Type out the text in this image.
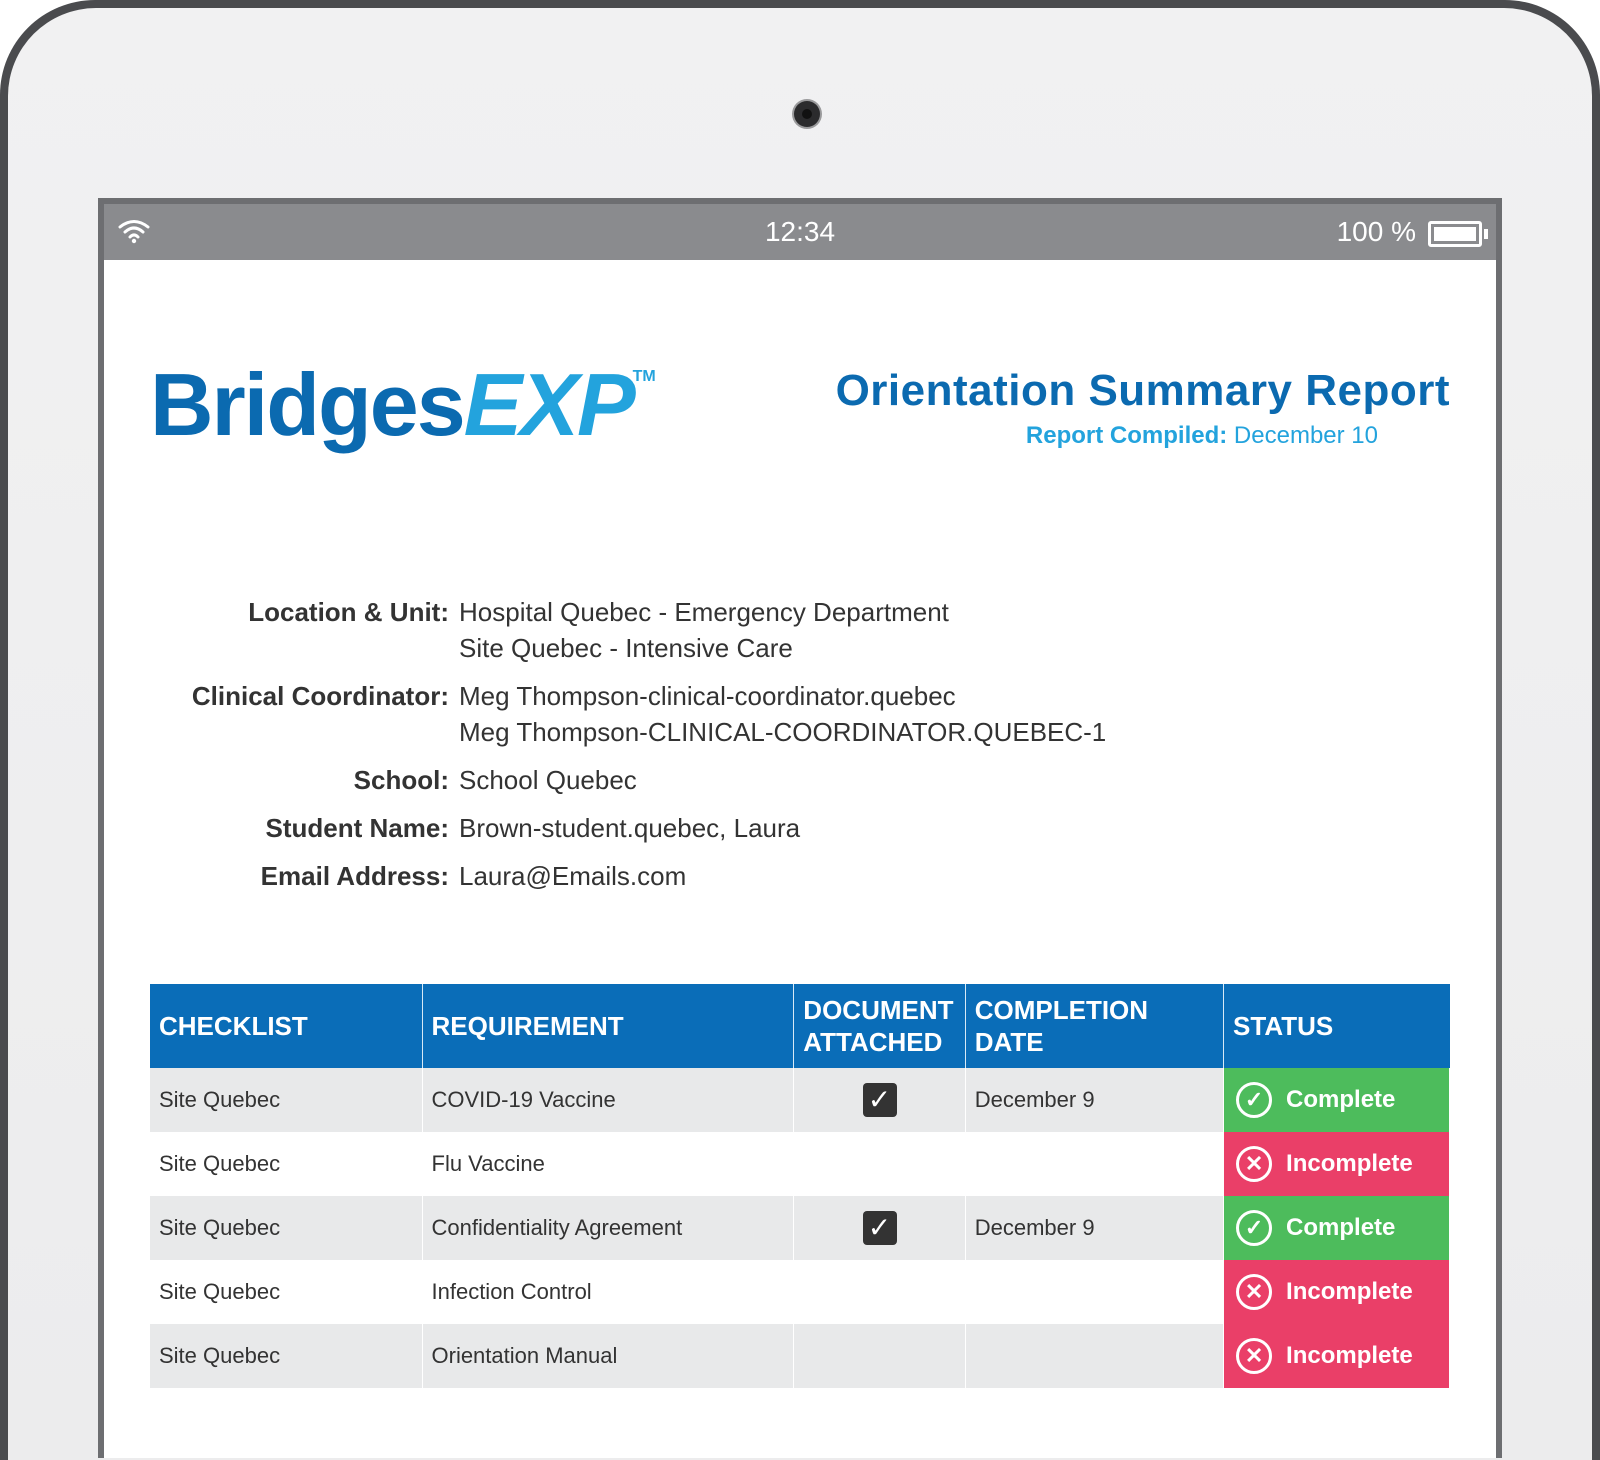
12:34	100 %
BridgesEXP
TM	Orientation Summary Report
Report Compiled: December 10
Location & Unit: Hospital Quebec - Emergency Department
Site Quebec - Intensive Care
Clinical Coordinator: Meg Thompson-clinical-coordinator.quebec
Meg Thompson-CLINICAL-COORDINATOR.QUEBEC-1
School: School Quebec
Student Name: Brown-student.quebec, Laura
Email Address: Laura@Emails.com
CHECKLIST	REQUIREMENT	DOCUMENT ATTACHED	COMPLETION DATE	STATUS
Site Quebec	COVID-19 Vaccine	✓	December 9	✓ Complete

Site Quebec	Flu Vaccine			✕ Incomplete

Site Quebec	Confidentiality Agreement	✓	December 9	✓ Complete

Site Quebec	Infection Control			✕ Incomplete

Site Quebec	Orientation Manual			✕ Incomplete
